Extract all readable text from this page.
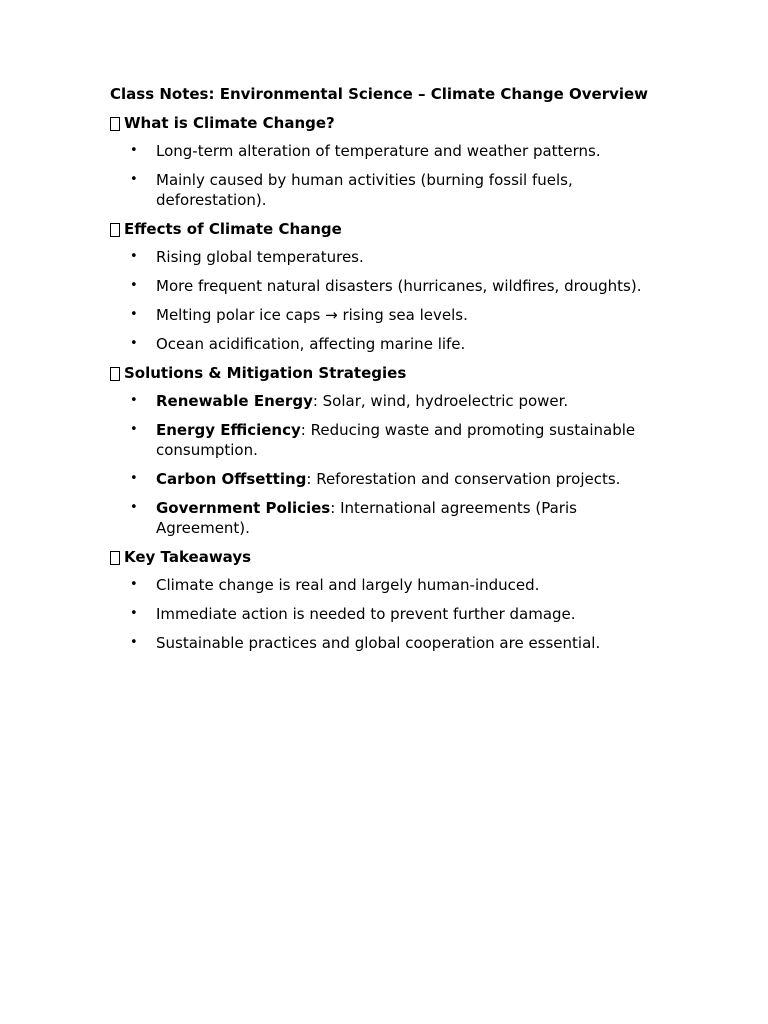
Class Notes: Environmental Science – Climate Change Overview
What is Climate Change?
• Long-term alteration of temperature and weather patterns.
• Mainly caused by human activities (burning fossil fuels, deforestation).
Effects of Climate Change
• Rising global temperatures.
• More frequent natural disasters (hurricanes, wildfires, droughts).
• Melting polar ice caps → rising sea levels.
• Ocean acidification, affecting marine life.
Solutions & Mitigation Strategies
• Renewable Energy: Solar, wind, hydroelectric power.
• Energy Efficiency: Reducing waste and promoting sustainable consumption.
• Carbon Offsetting: Reforestation and conservation projects.
• Government Policies: International agreements (Paris Agreement).
Key Takeaways
• Climate change is real and largely human-induced.
• Immediate action is needed to prevent further damage.
• Sustainable practices and global cooperation are essential.
